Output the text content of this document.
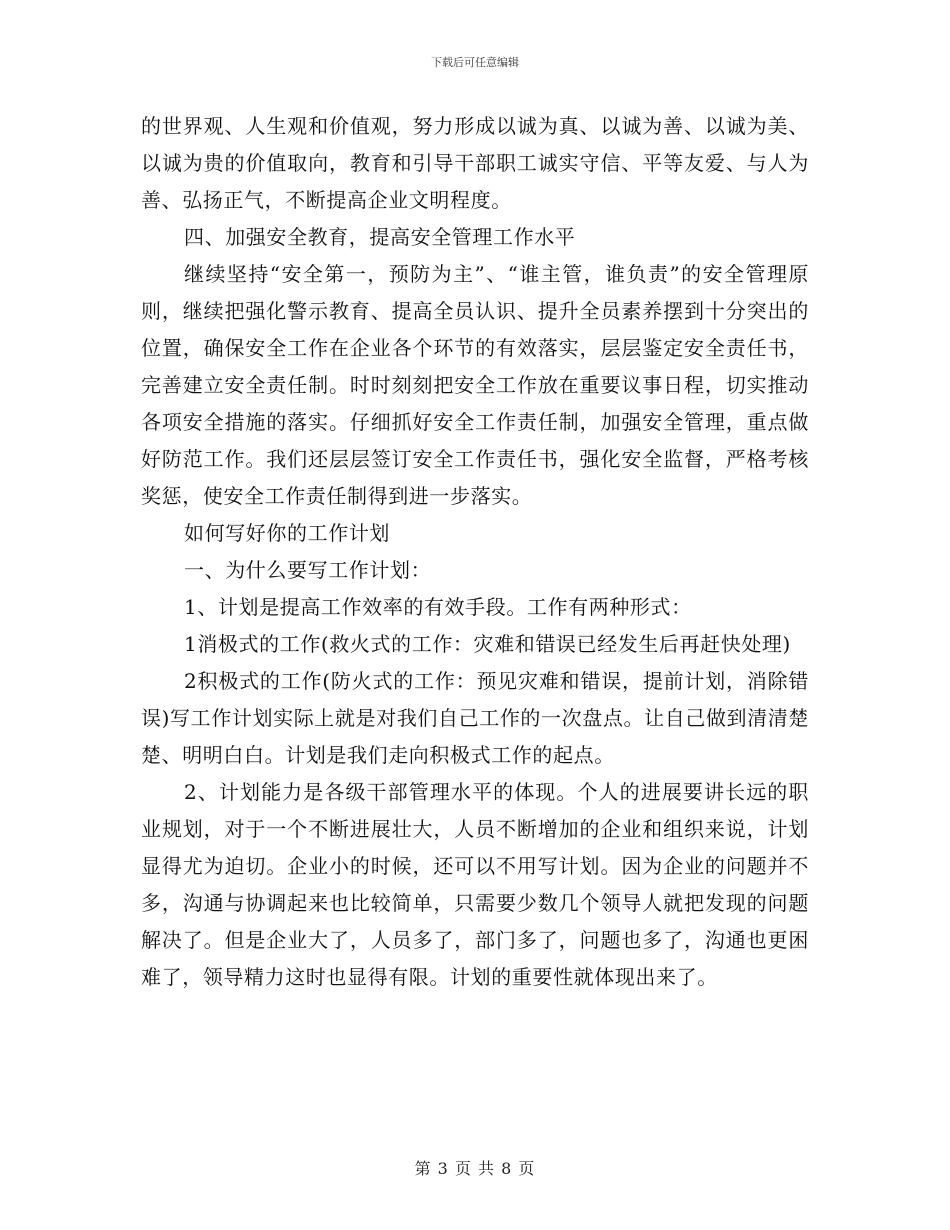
下载后可任意编辑

的世界观、人生观和价值观，努力形成以诚为真、以诚为善、以诚为美、以诚为贵的价值取向，教育和引导干部职工诚实守信、平等友爱、与人为善、弘扬正气，不断提高企业文明程度。

四、加强安全教育，提高安全管理工作水平

继续坚持“安全第一，预防为主”、“谁主管，谁负责”的安全管理原则，继续把强化警示教育、提高全员认识、提升全员素养摆到十分突出的位置，确保安全工作在企业各个环节的有效落实，层层鉴定安全责任书，完善建立安全责任制。时时刻刻把安全工作放在重要议事日程，切实推动各项安全措施的落实。仔细抓好安全工作责任制，加强安全管理，重点做好防范工作。我们还层层签订安全工作责任书，强化安全监督，严格考核奖惩，使安全工作责任制得到进一步落实。

如何写好你的工作计划

一、为什么要写工作计划：

1、计划是提高工作效率的有效手段。工作有两种形式：

1消极式的工作(救火式的工作：灾难和错误已经发生后再赶快处理)

2积极式的工作(防火式的工作：预见灾难和错误，提前计划，消除错误)写工作计划实际上就是对我们自己工作的一次盘点。让自己做到清清楚楚、明明白白。计划是我们走向积极式工作的起点。

2、计划能力是各级干部管理水平的体现。个人的进展要讲长远的职业规划，对于一个不断进展壮大，人员不断增加的企业和组织来说，计划显得尤为迫切。企业小的时候，还可以不用写计划。因为企业的问题并不多，沟通与协调起来也比较简单，只需要少数几个领导人就把发现的问题解决了。但是企业大了，人员多了，部门多了，问题也多了，沟通也更困难了，领导精力这时也显得有限。计划的重要性就体现出来了。

第 3 页 共 8 页
